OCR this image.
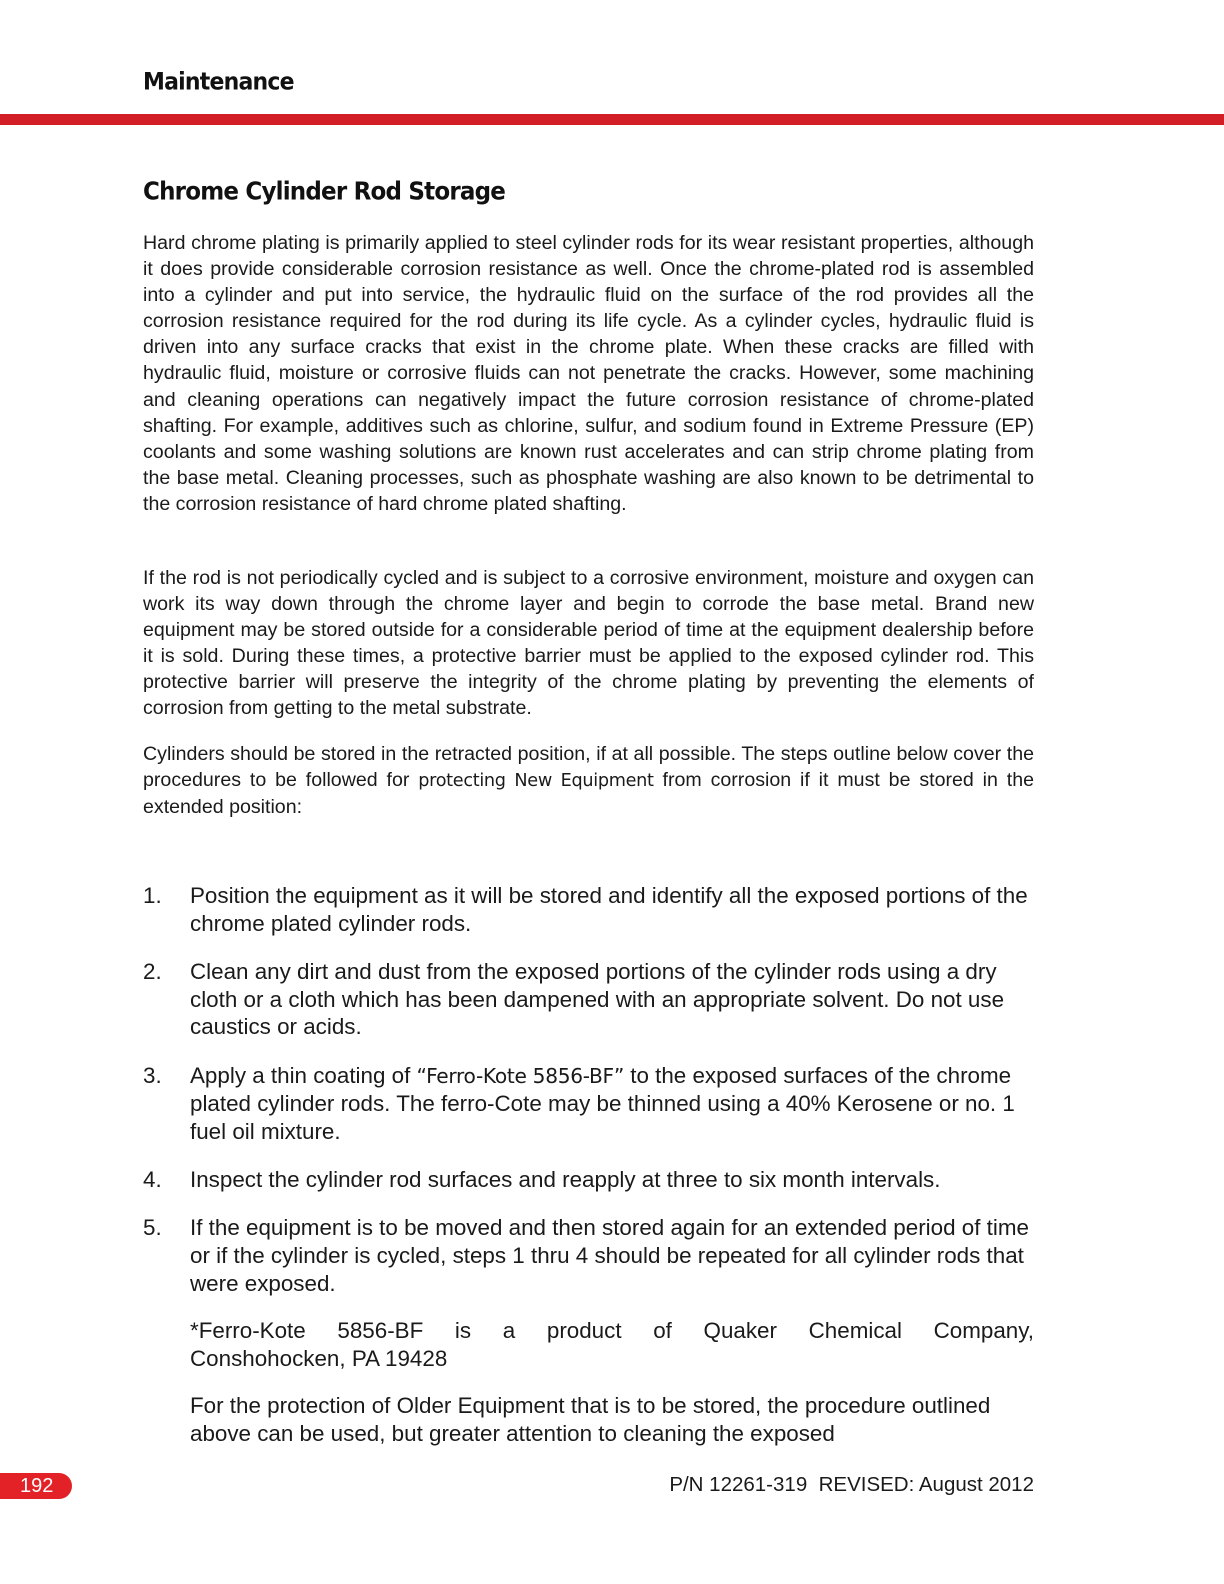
Maintenance
Chrome Cylinder Rod Storage

Hard chrome plating is primarily applied to steel cylinder rods for its wear resistant properties, although it does provide considerable corrosion resistance as well. Once the chrome-plated rod is assembled into a cylinder and put into service, the hydraulic fluid on the surface of the rod provides all the corrosion resistance required for the rod during its life cycle. As a cylinder cycles, hydraulic fluid is driven into any surface cracks that exist in the chrome plate. When these cracks are filled with hydraulic fluid, moisture or corrosive fluids can not penetrate the cracks. However, some machining and cleaning operations can negatively impact the future corrosion resistance of chrome-plated shafting. For example, additives such as chlorine, sulfur, and sodium found in Extreme Pressure (EP) coolants and some washing solutions are known rust accelerates and can strip chrome plating from the base metal. Cleaning processes, such as phosphate washing are also known to be detrimental to the corrosion resistance of hard chrome plated shafting.

If the rod is not periodically cycled and is subject to a corrosive environment, moisture and oxygen can work its way down through the chrome layer and begin to corrode the base metal. Brand new equipment may be stored outside for a considerable period of time at the equipment dealership before it is sold. During these times, a protective barrier must be applied to the exposed cylinder rod. This protective barrier will preserve the integrity of the chrome plating by preventing the elements of corrosion from getting to the metal substrate.

Cylinders should be stored in the retracted position, if at all possible. The steps outline below cover the procedures to be followed for protecting New Equipment from corrosion if it must be stored in the extended position:

1. Position the equipment as it will be stored and identify all the exposed portions of the chrome plated cylinder rods.
2. Clean any dirt and dust from the exposed portions of the cylinder rods using a dry cloth or a cloth which has been dampened with an appropriate solvent. Do not use caustics or acids.
3. Apply a thin coating of “Ferro-Kote 5856-BF” to the exposed surfaces of the chrome plated cylinder rods. The ferro-Cote may be thinned using a 40% Kerosene or no. 1 fuel oil mixture.
4. Inspect the cylinder rod surfaces and reapply at three to six month intervals.
5. If the equipment is to be moved and then stored again for an extended period of time or if the cylinder is cycled, steps 1 thru 4 should be repeated for all cylinder rods that were exposed.

*Ferro-Kote 5856-BF is a product of Quaker Chemical Company,
Conshohocken, PA 19428

For the protection of Older Equipment that is to be stored, the procedure outlined above can be used, but greater attention to cleaning the exposed

192	P/N 12261-319  REVISED: August 2012
